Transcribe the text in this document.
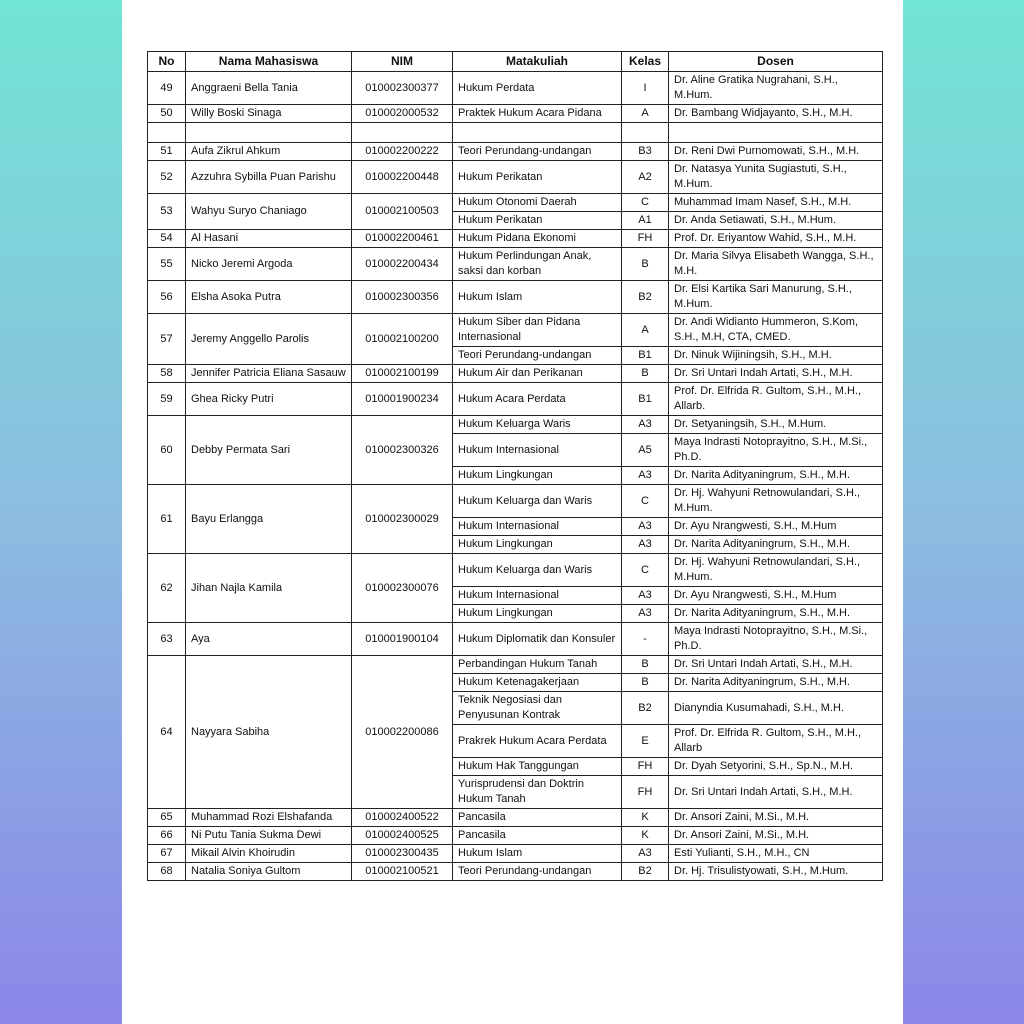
No	Nama Mahasiswa	NIM	Matakuliah	Kelas	Dosen
49	Anggraeni Bella Tania	010002300377	Hukum Perdata	I	Dr. Aline Gratika Nugrahani, S.H., M.Hum.
50	Willy Boski Sinaga	010002000532	Praktek Hukum Acara Pidana	A	Dr. Bambang Widjayanto, S.H., M.H.

51	Aufa Zikrul Ahkum	010002200222	Teori Perundang-undangan	B3	Dr. Reni Dwi Purnomowati, S.H., M.H.
52	Azzuhra Sybilla Puan Parishu	010002200448	Hukum Perikatan	A2	Dr. Natasya Yunita Sugiastuti, S.H., M.Hum.
53	Wahyu Suryo Chaniago	010002100503	Hukum Otonomi Daerah	C	Muhammad Imam Nasef, S.H., M.H.
			Hukum Perikatan	A1	Dr. Anda Setiawati, S.H., M.Hum.
54	Al Hasani	010002200461	Hukum Pidana Ekonomi	FH	Prof. Dr. Eriyantow Wahid, S.H., M.H.
55	Nicko Jeremi Argoda	010002200434	Hukum Perlindungan Anak, saksi dan korban	B	Dr. Maria Silvya Elisabeth Wangga, S.H., M.H.
56	Elsha Asoka Putra	010002300356	Hukum Islam	B2	Dr. Elsi Kartika Sari Manurung, S.H., M.Hum.
57	Jeremy Anggello Parolis	010002100200	Hukum Siber dan Pidana Internasional	A	Dr. Andi Widianto Hummeron, S.Kom, S.H., M.H, CTA, CMED.
			Teori Perundang-undangan	B1	Dr. Ninuk Wijiningsih, S.H., M.H.
58	Jennifer Patricia Eliana Sasauw	010002100199	Hukum Air dan Perikanan	B	Dr. Sri Untari Indah Artati, S.H., M.H.
59	Ghea Ricky Putri	010001900234	Hukum Acara Perdata	B1	Prof. Dr. Elfrida R. Gultom, S.H., M.H., Allarb.
60	Debby Permata Sari	010002300326	Hukum Keluarga Waris	A3	Dr. Setyaningsih, S.H., M.Hum.
			Hukum Internasional	A5	Maya Indrasti Notoprayitno, S.H., M.Si., Ph.D.
			Hukum Lingkungan	A3	Dr. Narita Adityaningrum, S.H., M.H.
61	Bayu Erlangga	010002300029	Hukum Keluarga dan Waris	C	Dr. Hj. Wahyuni Retnowulandari, S.H., M.Hum.
			Hukum Internasional	A3	Dr. Ayu Nrangwesti, S.H., M.Hum
			Hukum Lingkungan	A3	Dr. Narita Adityaningrum, S.H., M.H.
62	Jihan Najla Kamila	010002300076	Hukum Keluarga dan Waris	C	Dr. Hj. Wahyuni Retnowulandari, S.H., M.Hum.
			Hukum Internasional	A3	Dr. Ayu Nrangwesti, S.H., M.Hum
			Hukum Lingkungan	A3	Dr. Narita Adityaningrum, S.H., M.H.
63	Aya	010001900104	Hukum Diplomatik dan Konsuler	-	Maya Indrasti Notoprayitno, S.H., M.Si., Ph.D.
64	Nayyara Sabiha	010002200086	Perbandingan Hukum Tanah	B	Dr. Sri Untari Indah Artati, S.H., M.H.
			Hukum Ketenagakerjaan	B	Dr. Narita Adityaningrum, S.H., M.H.
			Teknik Negosiasi dan Penyusunan Kontrak	B2	Dianyndia Kusumahadi, S.H., M.H.
			Prakrek Hukum Acara Perdata	E	Prof. Dr. Elfrida R. Gultom, S.H., M.H., Allarb
			Hukum Hak Tanggungan	FH	Dr. Dyah Setyorini, S.H., Sp.N., M.H.
			Yurisprudensi dan Doktrin Hukum Tanah	FH	Dr. Sri Untari Indah Artati, S.H., M.H.
65	Muhammad Rozi Elshafanda	010002400522	Pancasila	K	Dr. Ansori Zaini, M.Si., M.H.
66	Ni Putu Tania Sukma Dewi	010002400525	Pancasila	K	Dr. Ansori Zaini, M.Si., M.H.
67	Mikail Alvin Khoirudin	010002300435	Hukum Islam	A3	Esti Yulianti, S.H., M.H., CN
68	Natalia Soniya Gultom	010002100521	Teori Perundang-undangan	B2	Dr. Hj. Trisulistyowati, S.H., M.Hum.
